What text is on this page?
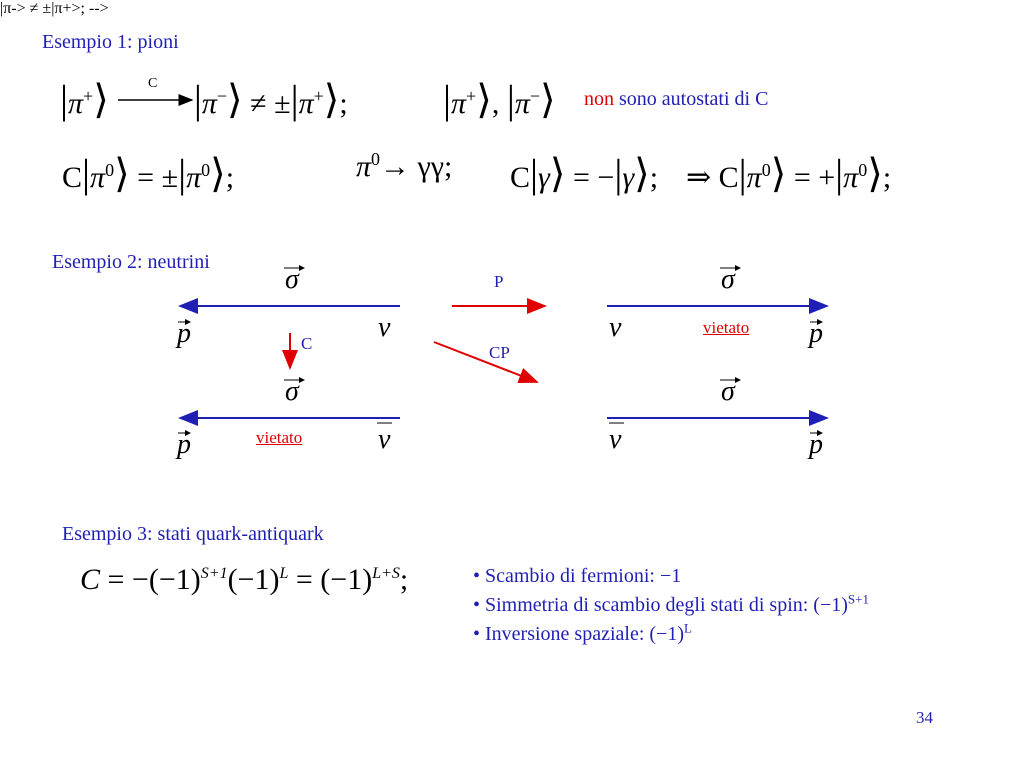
Esempio 1: pioni
|π-> ≠ ±|π+>; -->
|π+⟩ |π−⟩ ≠ ±|π+⟩;
C	|π+⟩, |π−⟩ non sono autostati di C
$C|\pi^0⟩$ = $\pm|\pi^0⟩$;	$\pi^0\to \gamma\gamma$; C|γ⟩ = −|γ⟩; ⇒ $C|\pi^0⟩$ = $+|\pi^0⟩$;
Esempio 2: neutrini
σ	σ
σ	σ
p	p
p	p
ν	ν
ν	ν
P
C	CP
vietato
vietato
Esempio 3: stati quark-antiquark
$C = -(-1)^{S+1}(-1)^L = (-1)^{L+S}$;	• Scambio di fermioni: −1
• Simmetria di scambio degli stati di spin: $(-1)^{S+1}$
• Inversione spaziale: $(-1)^L$
34
